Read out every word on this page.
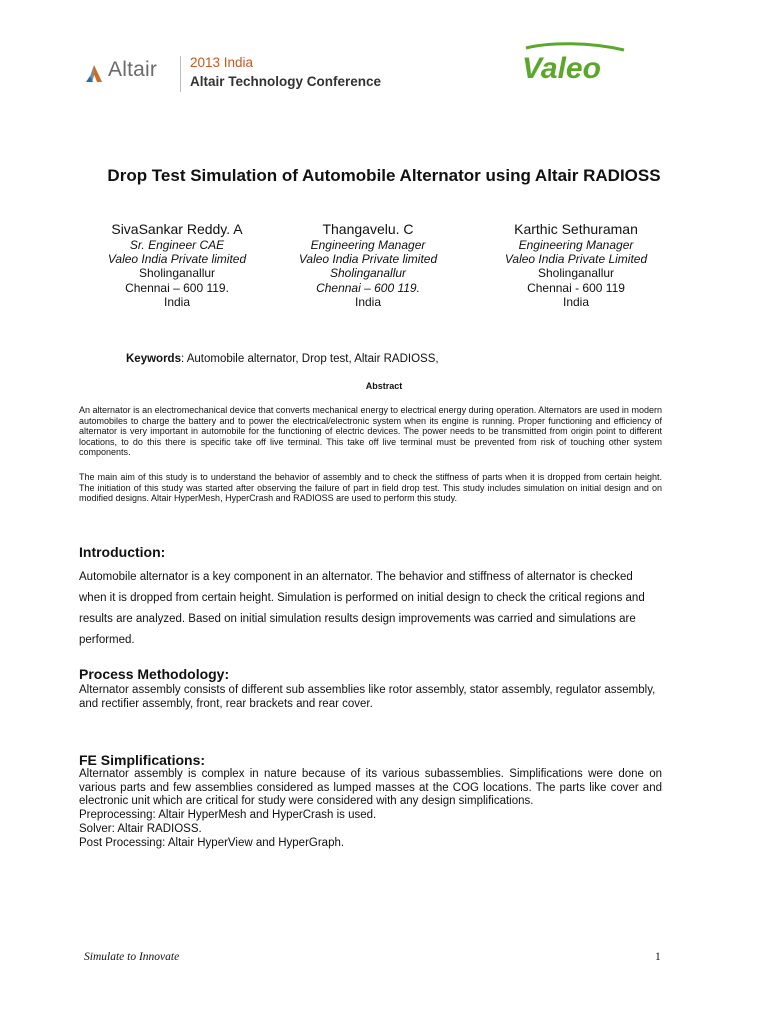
Altair 2013 India
Altair Technology Conference	Valeo
Drop Test Simulation of Automobile Alternator using Altair RADIOSS
SivaSankar Reddy. A
Sr. Engineer CAE
Valeo India Private limited
Sholinganallur
Chennai – 600 119.
India
Thangavelu. C
Engineering Manager
Valeo India Private limited
Sholinganallur
Chennai – 600 119.
India
Karthic Sethuraman
Engineering Manager
Valeo India Private Limited
Sholinganallur
Chennai - 600 119
India
Keywords: Automobile alternator, Drop test, Altair RADIOSS,
Abstract
An alternator is an electromechanical device that converts mechanical energy to electrical energy during operation. Alternators are used in modern automobiles to charge the battery and to power the electrical/electronic system when its engine is running. Proper functioning and efficiency of alternator is very important in automobile for the functioning of electric devices. The power needs to be transmitted from origin point to different locations, to do this there is specific take off live terminal. This take off live terminal must be prevented from risk of touching other system components.
The main aim of this study is to understand the behavior of assembly and to check the stiffness of parts when it is dropped from certain height. The initiation of this study was started after observing the failure of part in field drop test. This study includes simulation on initial design and on modified designs. Altair HyperMesh, HyperCrash and RADIOSS are used to perform this study.
Introduction:
Automobile alternator is a key component in an alternator. The behavior and stiffness of alternator is checked when it is dropped from certain height. Simulation is performed on initial design to check the critical regions and results are analyzed. Based on initial simulation results design improvements was carried and simulations are performed.
Process Methodology:
Alternator assembly consists of different sub assemblies like rotor assembly, stator assembly, regulator assembly, and rectifier assembly, front, rear brackets and rear cover.
FE Simplifications:
Alternator assembly is complex in nature because of its various subassemblies. Simplifications were done on various parts and few assemblies considered as lumped masses at the COG locations. The parts like cover and electronic unit which are critical for study were considered with any design simplifications.
Preprocessing: Altair HyperMesh and HyperCrash is used.
Solver: Altair RADIOSS.
Post Processing: Altair HyperView and HyperGraph.
Simulate to Innovate	1
